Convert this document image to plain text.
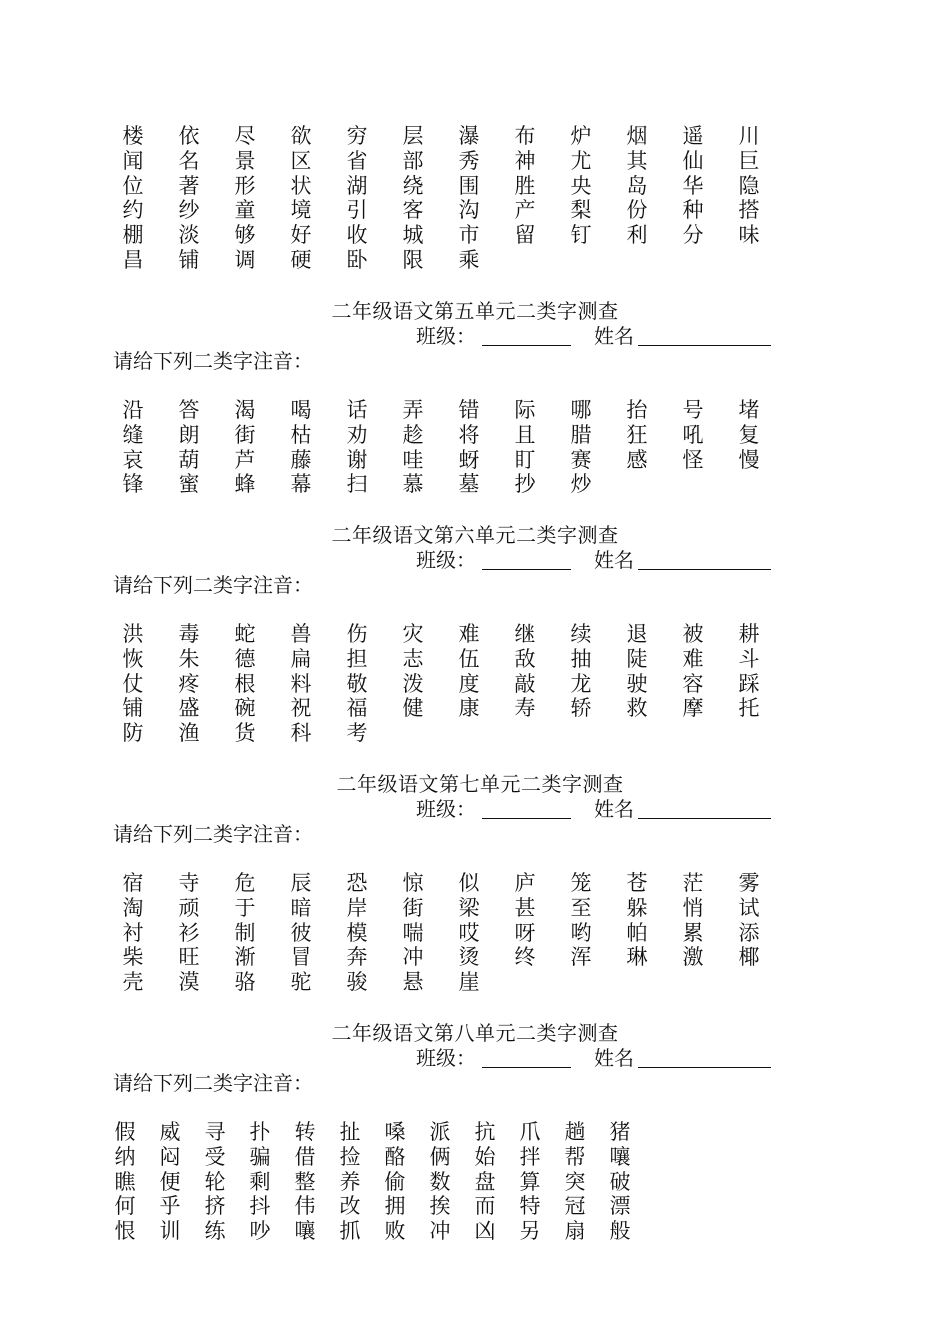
楼 依 尽 欲 穷 层 瀑 布 炉 烟 遥 川
闻 名 景 区 省 部 秀 神 尤 其 仙 巨
位 著 形 状 湖 绕 围 胜 央 岛 华 隐
约 纱 童 境 引 客 沟 产 梨 份 种 搭
棚 淡 够 好 收 城 市 留 钉 利 分 味
昌 铺 调 硬 卧 限 乘
二年级语文第五单元二类字测查
班级：	姓名
请给下列二类字注音：
沿 答 渴 喝 话 弄 错 际 哪 抬 号 堵
缝 朗 街 枯 劝 趁 将 且 腊 狂 吼 复
哀 葫 芦 藤 谢 哇 蚜 盯 赛 感 怪 慢
锋 蜜 蜂 幕 扫 慕 墓 抄 炒
二年级语文第六单元二类字测查
班级：	姓名
请给下列二类字注音：
洪 毒 蛇 兽 伤 灾 难 继 续 退 被 耕
恢 朱 德 扁 担 志 伍 敌 抽 陡 难 斗
仗 疼 根 料 敬 泼 度 敲 龙 驶 容 踩
铺 盛 碗 祝 福 健 康 寿 轿 救 摩 托
防 渔 货 科 考
二年级语文第七单元二类字测查
班级：	姓名
请给下列二类字注音：
宿 寺 危 辰 恐 惊 似 庐 笼 苍 茫 雾
淘 顽 于 暗 岸 街 梁 甚 至 躲 悄 试
衬 衫 制 彼 模 喘 哎 呀 哟 帕 累 添
柴 旺 渐 冒 奔 冲 烫 终 浑 琳 激 椰
壳 漠 骆 驼 骏 悬 崖
二年级语文第八单元二类字测查
班级：	姓名
请给下列二类字注音：
假 威 寻 扑 转 扯 嗓 派 抗 爪 趟 猪
纳 闷 受 骗 借 捡 酪 俩 始 拌 帮 嚷
瞧 便 轮 剩 整 养 偷 数 盘 算 突 破
何 乎 挤 抖 伟 改 拥 挨 而 特 冠 漂
恨 训 练 吵 嚷 抓 败 冲 凶 另 扇 般
